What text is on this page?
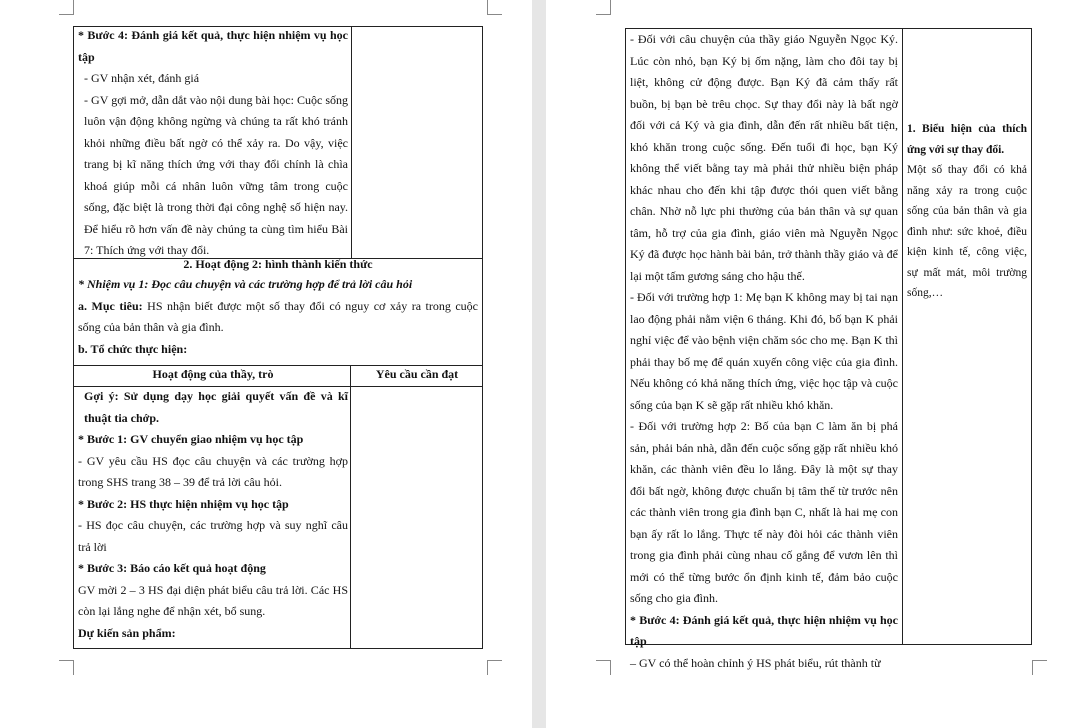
* Bước 4: Đánh giá kết quả, thực hiện nhiệm vụ học tập

- GV nhận xét, đánh giá

- GV gợi mở, dẫn dắt vào nội dung bài học: Cuộc sống luôn vận động không ngừng và chúng ta rất khó tránh khỏi những điều bất ngờ có thể xảy ra. Do vậy, việc trang bị kĩ năng thích ứng với thay đổi chính là chìa khoá giúp mỗi cá nhân luôn vững tâm trong cuộc sống, đặc biệt là trong thời đại công nghệ số hiện nay. Để hiểu rõ hơn vấn đề này chúng ta cùng tìm hiểu Bài 7: Thích ứng với thay đổi.

2. Hoạt động 2: hình thành kiến thức

* Nhiệm vụ 1: Đọc câu chuyện và các trường hợp để trả lời câu hỏi

a. Mục tiêu: HS nhận biết được một số thay đổi có nguy cơ xảy ra trong cuộc sống của bản thân và gia đình.

b. Tổ chức thực hiện:

Hoạt động của thầy, trò	Yêu cầu cần đạt

Gợi ý: Sử dụng dạy học giải quyết vấn đề và kĩ thuật tia chớp.

* Bước 1: GV chuyển giao nhiệm vụ học tập

- GV yêu cầu HS đọc câu chuyện và các trường hợp trong SHS trang 38 – 39 để trả lời câu hỏi.

* Bước 2: HS thực hiện nhiệm vụ học tập

- HS đọc câu chuyện, các trường hợp và suy nghĩ câu trả lời

* Bước 3: Báo cáo kết quả hoạt động

GV mời 2 – 3 HS đại diện phát biểu câu trả lời. Các HS còn lại lắng nghe để nhận xét, bổ sung.

Dự kiến sản phẩm:

- Đối với câu chuyện của thầy giáo Nguyễn Ngọc Ký. Lúc còn nhỏ, bạn Ký bị ốm nặng, làm cho đôi tay bị liệt, không cử động được. Bạn Ký đã cảm thấy rất buồn, bị bạn bè trêu chọc. Sự thay đổi này là bất ngờ đối với cả Ký và gia đình, dẫn đến rất nhiều bất tiện, khó khăn trong cuộc sống. Đến tuổi đi học, bạn Ký không thể viết bằng tay mà phải thử nhiều biện pháp khác nhau cho đến khi tập được thói quen viết bằng chân. Nhờ nỗ lực phi thường của bản thân và sự quan tâm, hỗ trợ của gia đình, giáo viên mà Nguyễn Ngọc Ký đã được học hành bài bản, trở thành thầy giáo và để lại một tấm gương sáng cho hậu thế.

- Đối với trường hợp 1: Mẹ bạn K không may bị tai nạn lao động phải nằm viện 6 tháng. Khi đó, bố bạn K phải nghỉ việc để vào bệnh viện chăm sóc cho mẹ. Bạn K thì phải thay bố mẹ để quán xuyến công việc của gia đình. Nếu không có khả năng thích ứng, việc học tập và cuộc sống của bạn K sẽ gặp rất nhiều khó khăn.

- Đối với trường hợp 2: Bố của bạn C làm ăn bị phá sản, phải bán nhà, dẫn đến cuộc sống gặp rất nhiều khó khăn, các thành viên đều lo lắng. Đây là một sự thay đổi bất ngờ, không được chuẩn bị tâm thế từ trước nên các thành viên trong gia đình bạn C, nhất là hai mẹ con bạn ấy rất lo lắng. Thực tế này đòi hỏi các thành viên trong gia đình phải cùng nhau cố gắng để vươn lên thì mới có thể từng bước ổn định kinh tế, đảm bảo cuộc sống cho gia đình.

* Bước 4: Đánh giá kết quả, thực hiện nhiệm vụ học tập

– GV có thể hoàn chỉnh ý HS phát biểu, rút thành từ

1. Biểu hiện của thích ứng với sự thay đổi.

Một số thay đổi có khả năng xảy ra trong cuộc sống của bản thân và gia đình như: sức khoẻ, điều kiện kinh tế, công việc, sự mất mát, môi trường sống,…
